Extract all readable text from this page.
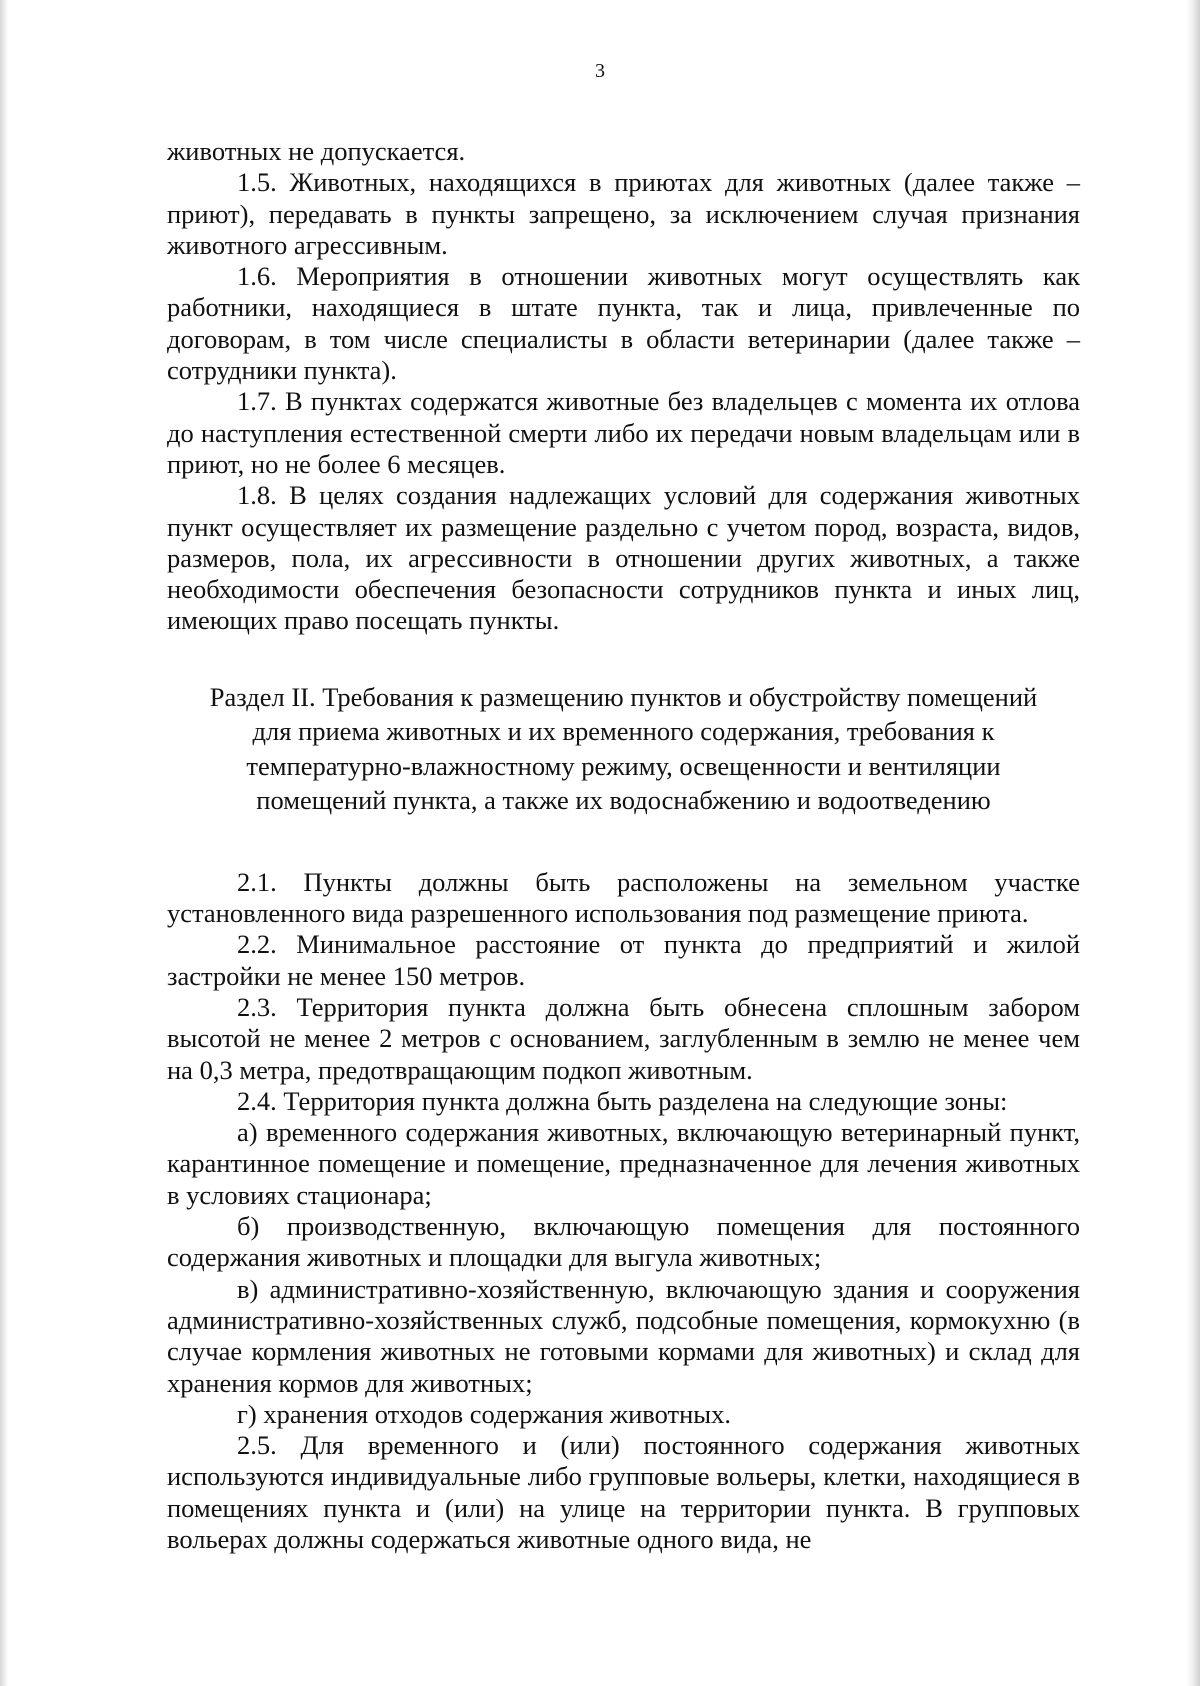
3

животных не допускается.

1.5. Животных, находящихся в приютах для животных (далее также – приют), передавать в пункты запрещено, за исключением случая признания животного агрессивным.

1.6. Мероприятия в отношении животных могут осуществлять как работники, находящиеся в штате пункта, так и лица, привлеченные по договорам, в том числе специалисты в области ветеринарии (далее также – сотрудники пункта).

1.7. В пунктах содержатся животные без владельцев с момента их отлова до наступления естественной смерти либо их передачи новым владельцам или в приют, но не более 6 месяцев.

1.8. В целях создания надлежащих условий для содержания животных пункт осуществляет их размещение раздельно с учетом пород, возраста, видов, размеров, пола, их агрессивности в отношении других животных, а также необходимости обеспечения безопасности сотрудников пункта и иных лиц, имеющих право посещать пункты.

Раздел II. Требования к размещению пунктов и обустройству помещений
для приема животных и их временного содержания, требования к
температурно-влажностному режиму, освещенности и вентиляции
помещений пункта, а также их водоснабжению и водоотведению

2.1. Пункты должны быть расположены на земельном участке установленного вида разрешенного использования под размещение приюта.

2.2. Минимальное расстояние от пункта до предприятий и жилой застройки не менее 150 метров.

2.3. Территория пункта должна быть обнесена сплошным забором высотой не менее 2 метров с основанием, заглубленным в землю не менее чем на 0,3 метра, предотвращающим подкоп животным.

2.4. Территория пункта должна быть разделена на следующие зоны:

а) временного содержания животных, включающую ветеринарный пункт, карантинное помещение и помещение, предназначенное для лечения животных в условиях стационара;

б) производственную, включающую помещения для постоянного содержания животных и площадки для выгула животных;

в) административно-хозяйственную, включающую здания и сооружения административно-хозяйственных служб, подсобные помещения, кормокухню (в случае кормления животных не готовыми кормами для животных) и склад для хранения кормов для животных;

г) хранения отходов содержания животных.

2.5. Для временного и (или) постоянного содержания животных используются индивидуальные либо групповые вольеры, клетки, находящиеся в помещениях пункта и (или) на улице на территории пункта. В групповых вольерах должны содержаться животные одного вида, не
